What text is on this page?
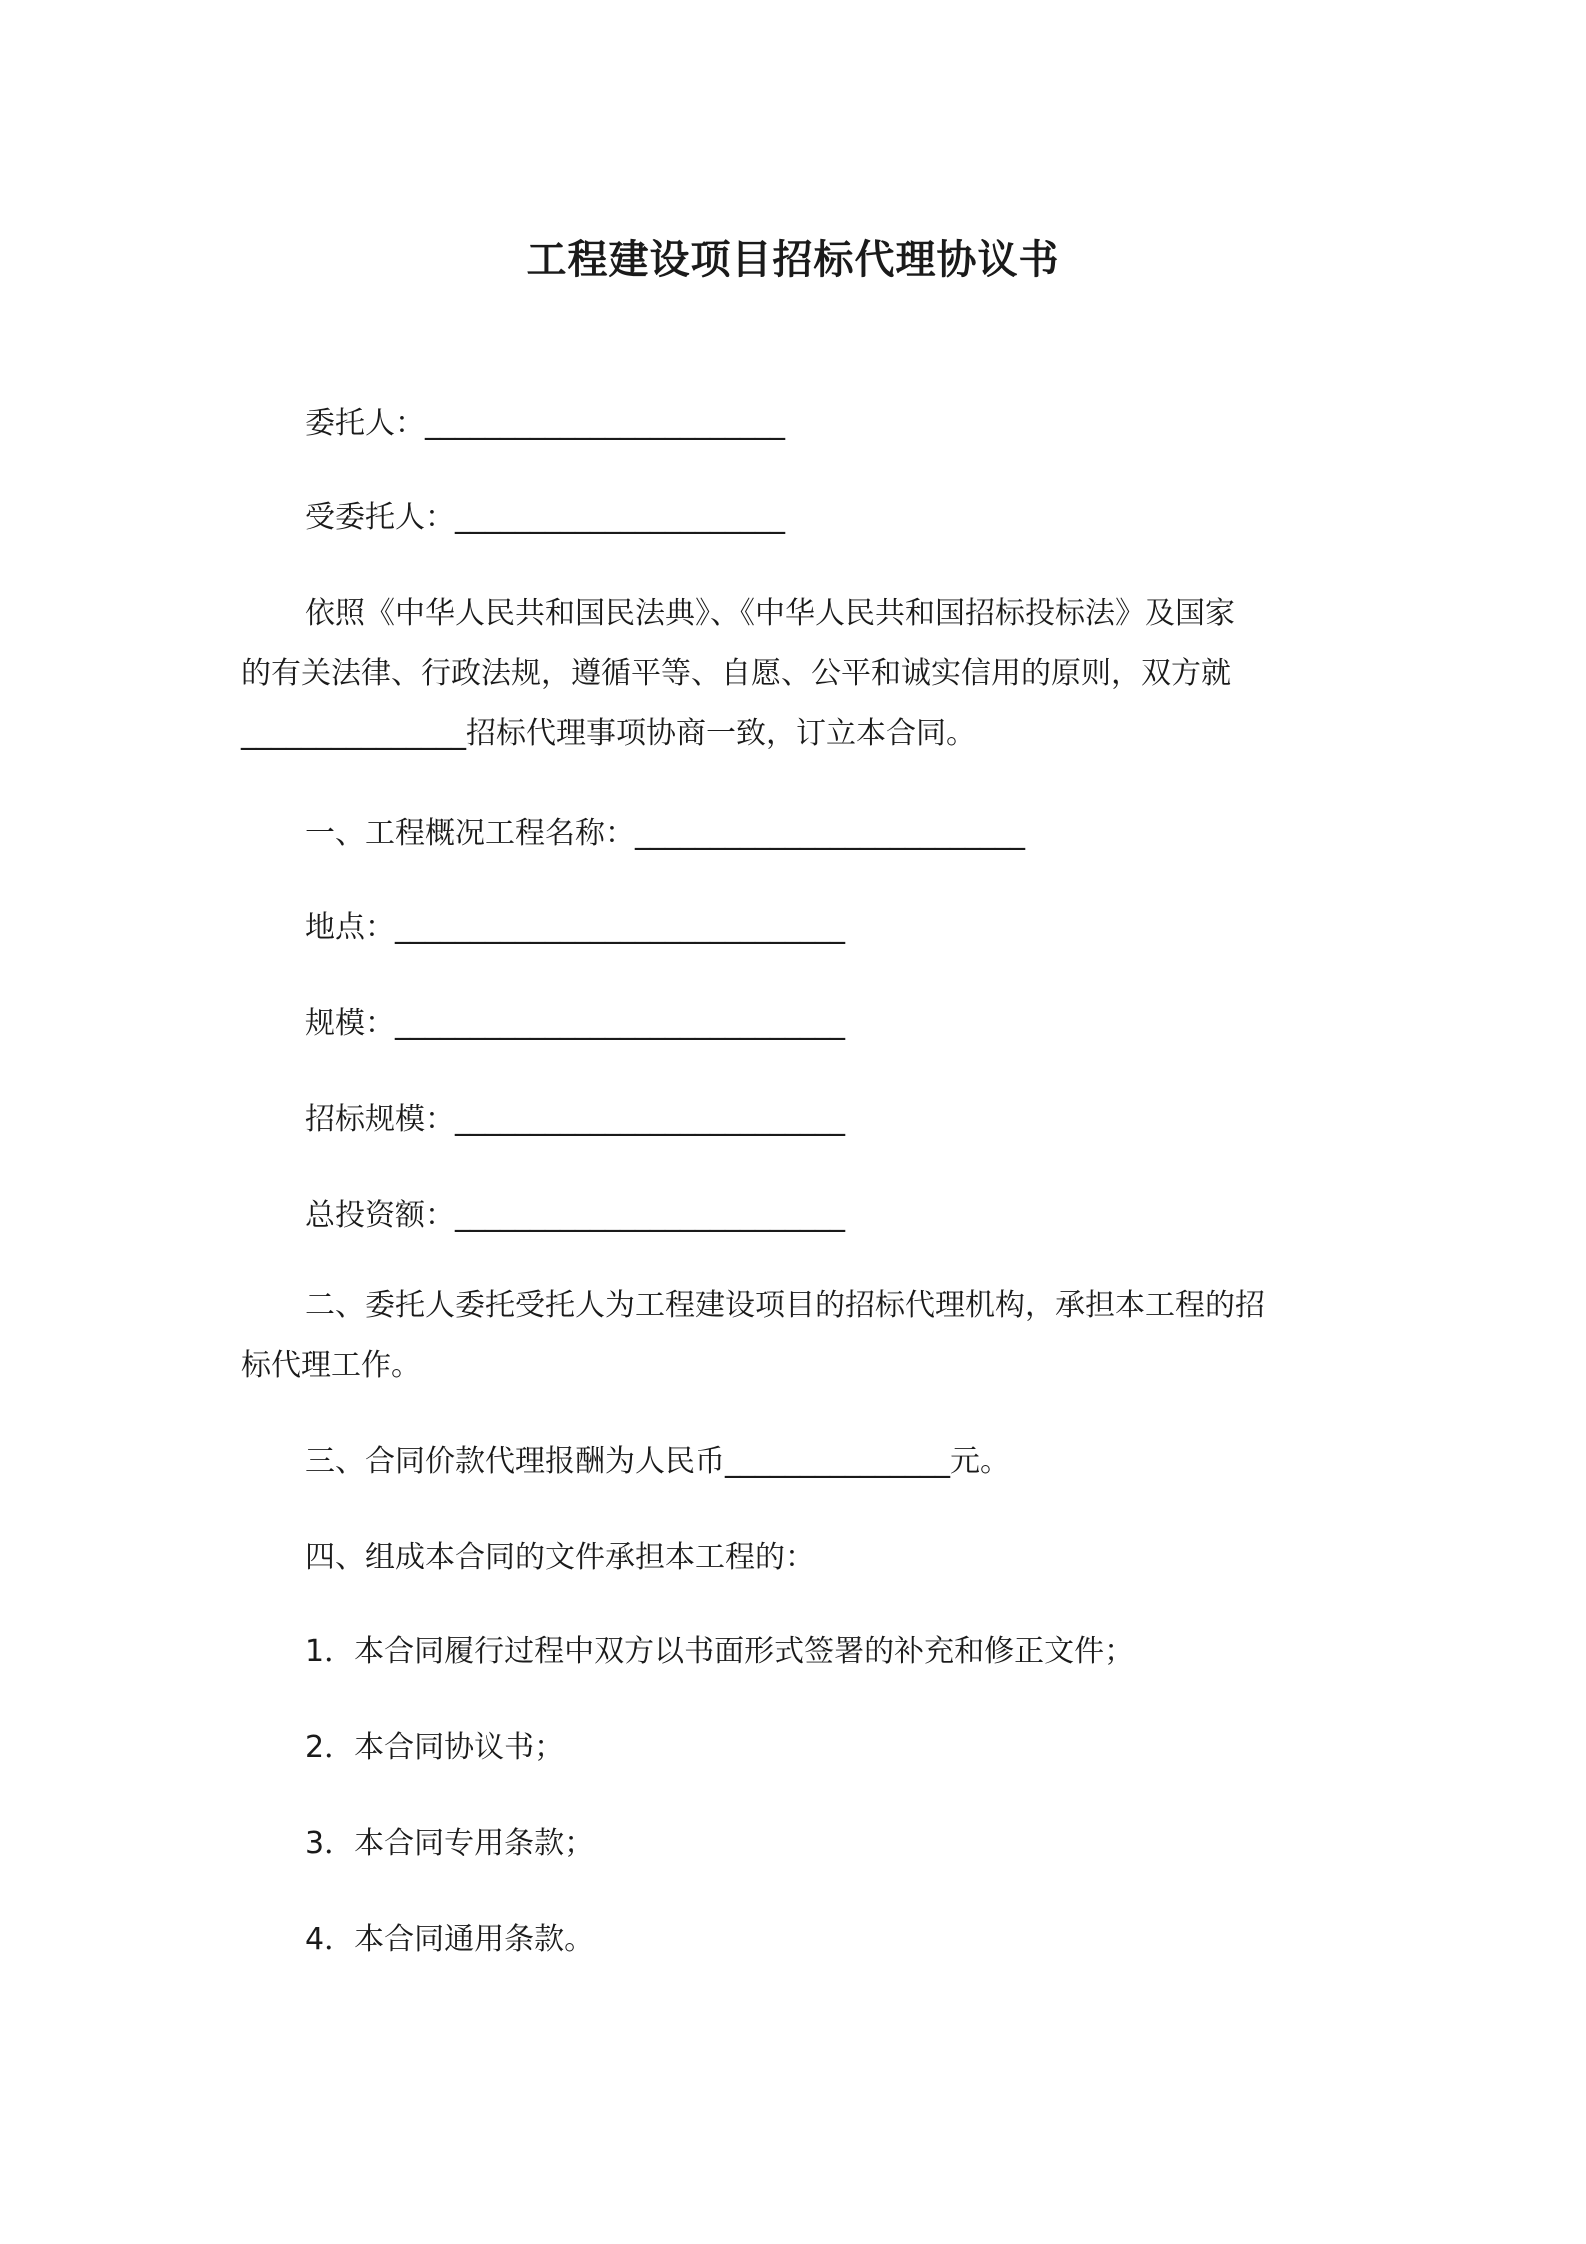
工程建设项目招标代理协议书
委托人：________________________
受委托人：______________________
依照《中华人民共和国民法典》、《中华人民共和国招标投标法》及国家
的有关法律、行政法规，遵循平等、自愿、公平和诚实信用的原则，双方就
_______________招标代理事项协商一致，订立本合同。
一、工程概况工程名称：__________________________
地点：______________________________
规模：______________________________
招标规模：__________________________
总投资额：__________________________
二、委托人委托受托人为工程建设项目的招标代理机构，承担本工程的招
标代理工作。
三、合同价款代理报酬为人民币_______________元。
四、组成本合同的文件承担本工程的：
1．本合同履行过程中双方以书面形式签署的补充和修正文件；
2．本合同协议书；
3．本合同专用条款；
4．本合同通用条款。
